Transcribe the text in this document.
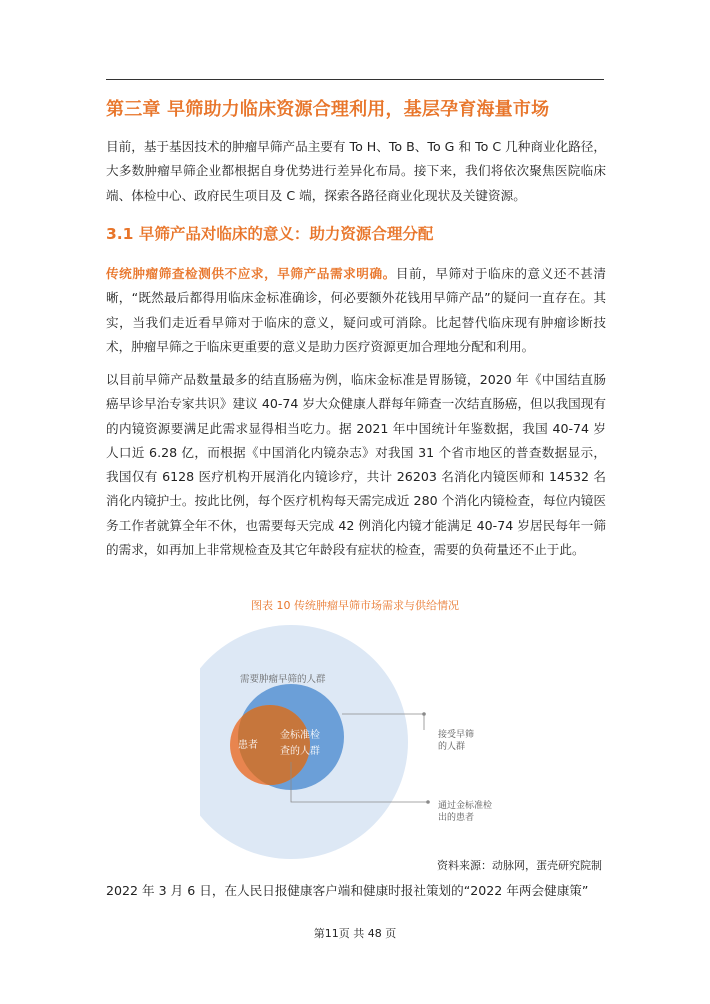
第三章 早筛助力临床资源合理利用，基层孕育海量市场
目前，基于基因技术的肿瘤早筛产品主要有 To H、To B、To G 和 To C 几种商业化路径，大多数肿瘤早筛企业都根据自身优势进行差异化布局。接下来，我们将依次聚焦医院临床端、体检中心、政府民生项目及 C 端，探索各路径商业化现状及关键资源。
3.1 早筛产品对临床的意义：助力资源合理分配
传统肿瘤筛查检测供不应求，早筛产品需求明确。目前，早筛对于临床的意义还不甚清晰，“既然最后都得用临床金标准确诊，何必要额外花钱用早筛产品”的疑问一直存在。其实，当我们走近看早筛对于临床的意义，疑问或可消除。比起替代临床现有肿瘤诊断技术，肿瘤早筛之于临床更重要的意义是助力医疗资源更加合理地分配和利用。
以目前早筛产品数量最多的结直肠癌为例，临床金标准是胃肠镜，2020 年《中国结直肠癌早诊早治专家共识》建议 40-74 岁大众健康人群每年筛查一次结直肠癌，但以我国现有的内镜资源要满足此需求显得相当吃力。据 2021 年中国统计年鉴数据，我国 40-74 岁人口近 6.28 亿，而根据《中国消化内镜杂志》对我国 31 个省市地区的普查数据显示，我国仅有 6128 医疗机构开展消化内镜诊疗，共计 26203 名消化内镜医师和 14532 名消化内镜护士。按此比例，每个医疗机构每天需完成近 280 个消化内镜检查，每位内镜医务工作者就算全年不休，也需要每天完成 42 例消化内镜才能满足 40-74 岁居民每年一筛的需求，如再加上非常规检查及其它年龄段有症状的检查，需要的负荷量还不止于此。
图表 10 传统肿瘤早筛市场需求与供给情况
需要肿瘤早筛的人群
患者
金标准检
查的人群
接受早筛
的人群
通过金标准检
出的患者
资料来源：动脉网，蛋壳研究院制
2022 年 3 月 6 日，在人民日报健康客户端和健康时报社策划的“2022 年两会健康策”
第11页 共 48 页
